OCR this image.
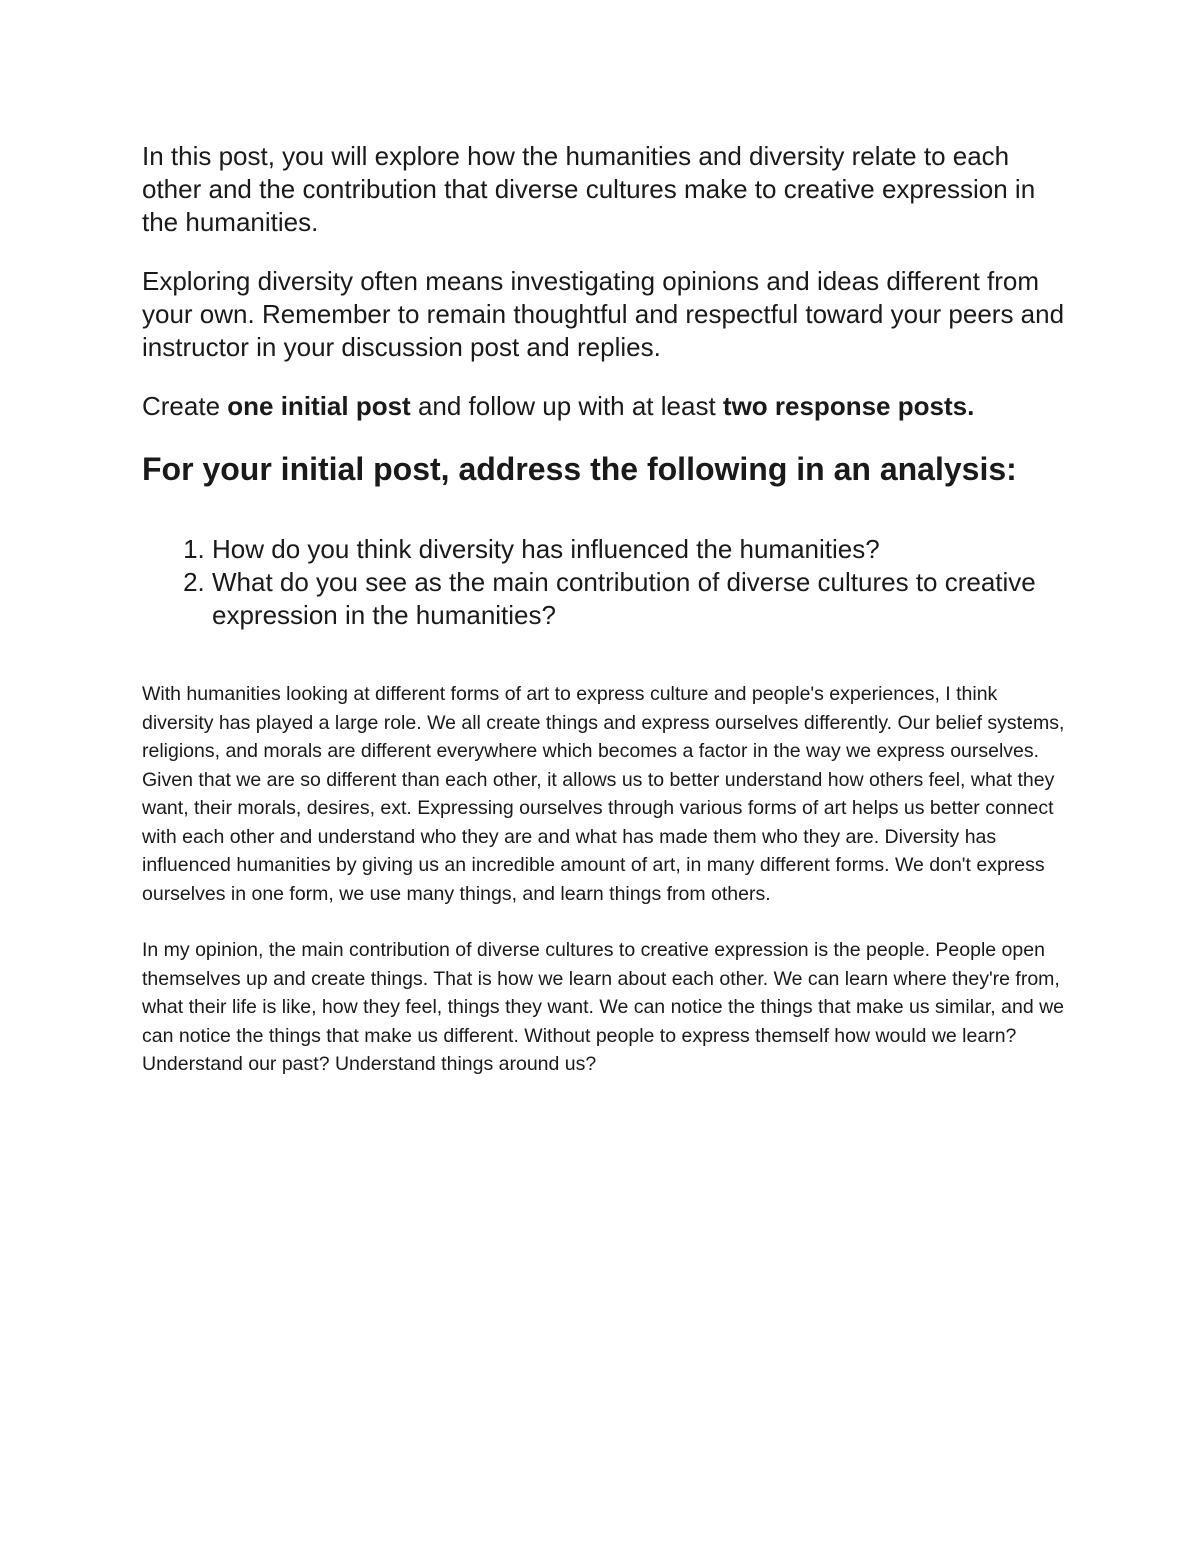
In this post, you will explore how the humanities and diversity relate to each other and the contribution that diverse cultures make to creative expression in the humanities.

Exploring diversity often means investigating opinions and ideas different from your own. Remember to remain thoughtful and respectful toward your peers and instructor in your discussion post and replies.

Create one initial post and follow up with at least two response posts.

For your initial post, address the following in an analysis:
1. How do you think diversity has influenced the humanities?
2. What do you see as the main contribution of diverse cultures to creative expression in the humanities?

With humanities looking at different forms of art to express culture and people's experiences, I think diversity has played a large role. We all create things and express ourselves differently. Our belief systems, religions, and morals are different everywhere which becomes a factor in the way we express ourselves. Given that we are so different than each other, it allows us to better understand how others feel, what they want, their morals, desires, ext. Expressing ourselves through various forms of art helps us better connect with each other and understand who they are and what has made them who they are. Diversity has influenced humanities by giving us an incredible amount of art, in many different forms. We don't express ourselves in one form, we use many things, and learn things from others.

In my opinion, the main contribution of diverse cultures to creative expression is the people. People open themselves up and create things. That is how we learn about each other. We can learn where they're from, what their life is like, how they feel, things they want. We can notice the things that make us similar, and we can notice the things that make us different. Without people to express themself how would we learn? Understand our past? Understand things around us?
